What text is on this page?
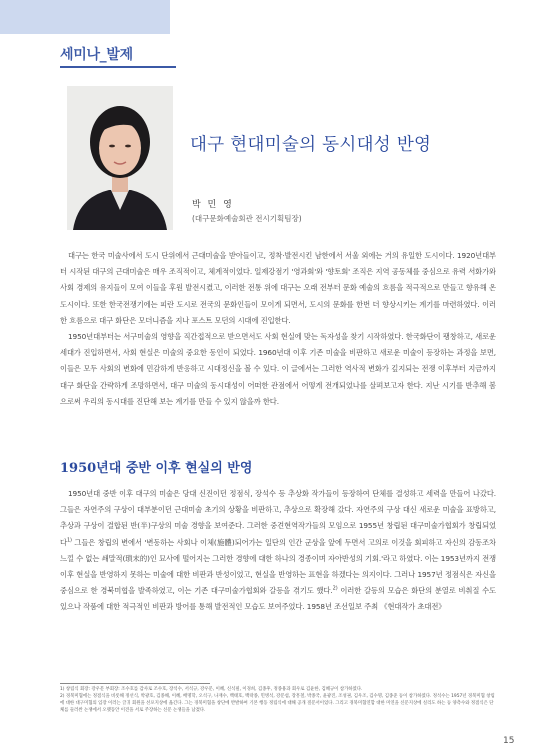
세미나_발제
대구 현대미술의 동시대성 반영
박 민 영
(대구문화예술회관 전시기획팀장)

대구는 한국 미술사에서 도시 단위에서 근대미술을 받아들이고, 정착·발전시킨 남한에서 서울 외에는 거의 유일한 도시이다. 1920년대부터 시작된 대구의 근대미술은 매우 조직적이고, 체계적이었다. 일제강점기 '영과회'와 '향토회' 조직은 지역 공동체를 중심으로 유력 서화가와 사회 경제의 유지들이 모여 이들을 후원 발전시켰고, 이러한 전통 위에 대구는 오래 전부터 문화 예술의 흐름을 적극적으로 만들고 향유해 온 도시이다. 또한 한국전쟁기에는 피란 도시로 전국의 문화인들이 모이게 되면서, 도시의 문화를 한번 더 향상시키는 계기를 마련하였다. 이러한 흐름으로 대구 화단은 모더니즘을 지나 포스트 모던의 시대에 진입한다.

1950년대부터는 서구미술의 영향을 직간접적으로 받으면서도 사회 현실에 맞는 독자성을 찾기 시작하였다. 한국화단이 팽창하고, 새로운 세대가 진입하면서, 사회 현실은 미술의 중요한 동인이 되었다. 1960년대 이후 기존 미술을 비판하고 새로운 미술이 등장하는 과정을 보면, 이들은 모두 사회의 변화에 민감하게 반응하고 시대정신을 볼 수 있다. 이 글에서는 그러한 역사적 변화가 깊지되는 전쟁 이후부터 지금까지 대구 화단을 간략하게 조망하면서, 대구 미술의 동시대성이 어떠한 관점에서 어떻게 전개되었나를 살펴보고자 한다. 지난 시기를 반추해 봄으로써 우리의 동시대를 진단해 보는 계기를 만들 수 있지 않을까 한다.

1950년대 중반 이후 현실의 반영

1950년대 중반 이후 대구의 미술은 당대 신진이던 정점식, 장석수 등 추상화 작가들이 등장하여 단체를 결성하고 세력을 만들어 나갔다. 그들은 자연주의 구상이 대부분이던 근대미술 초기의 상황을 비판하고, 추상으로 확장해 갔다. 자연주의 구상 대신 새로운 미술을 표방하고, 추상과 구상이 결합된 반(半)구상의 미술 경향을 보여준다. 그러한 중견현역작가들의 모임으로 1955년 창립된 대구미술가협회가 창립되었다$^{1)}$ 그들은 창립의 변에서 '변동하는 사회나 이체(施體)되어가는 일단의 인간 군상을 앞에 두면서 고의로 이것을 회피하고 자신의 감동조차 느낄 수 없는 쇄말적(瑣末的)인 묘사에 떨어지는 그러한 경향에 대한 하나의 경종이며 자아반성의 기회.'라고 하였다. 이는 1953년까지 전쟁 이후 현실을 반영하지 못하는 미술에 대한 비판과 반성이었고, 현실을 반영하는 표현을 하겠다는 의지이다. 그러나 1957년 정점식은 자신을 중심으로 한 경북미협을 발족하였고, 이는 기존 대구미술가협회와 갈등을 겪기도 했다.$^{2)}$ 이러한 갈등의 모습은 화단의 분열로 비춰질 수도 있으나 작품에 대한 적극적인 비판과 방어를 통해 발전적인 모습도 보여주었다. 1958년 조선일보 주최 《현대작가 초대전》

1) 창립식 회장: 강우문 부회장: 조수호를 감사로 조수호, 장석수, 서석규, 강우문, 이혜, 신석필, 이경희, 김종후, 정종용과 회우로 김윤한, 김혜규이 참가하였다.

2) 경북미협에는 정점식을 비롯해 정선식, 박광호, 김종해, 이혜, 배명학, 오석구, 나재수, 백태호, 백락종, 민병석, 강문섭, 장흥철, 박종국, 윤광진, 조성권, 김우조, 김수명, 김종준 등이 참가하였다. 정석수는 1957년 경북미협 창립에 대한 대구미협의 입장 이러는 글귀 회원을 선포지상에 옮긴다. 그는 경북미협을 창단에 반발하여 기본 행동 정립식에 대해 공개 질문서이었다. 그리고 경북미협연합 대한 미연을 신문지상에 실리도 하는 등 양측수와 정점식은 단체를 둘러싼 논쟁에서 오랫동안 이견을 서로 주장하는 신문 논쟁들을 남겼다.

15
